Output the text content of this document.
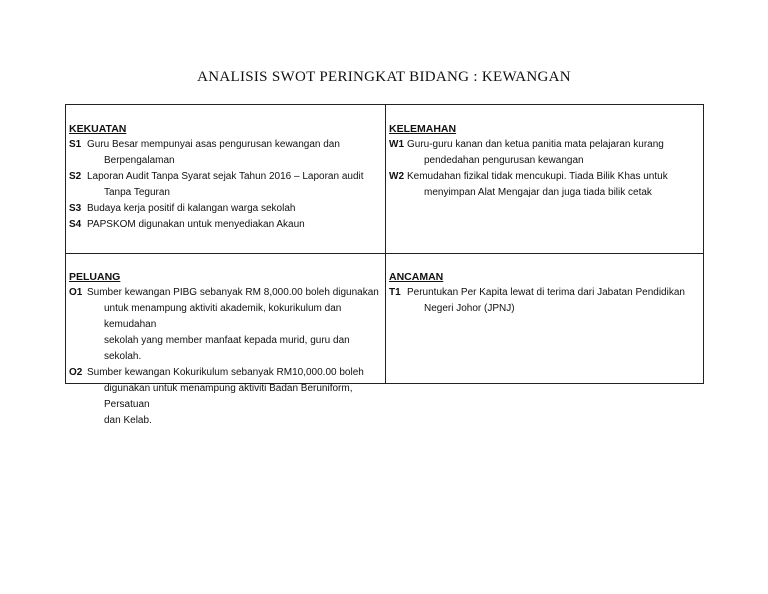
ANALISIS SWOT PERINGKAT BIDANG : KEWANGAN
KEKUATAN
S1 Guru Besar mempunyai asas pengurusan kewangan dan
Berpengalaman
S2 Laporan Audit Tanpa Syarat sejak Tahun 2016 – Laporan audit
Tanpa Teguran
S3 Budaya kerja positif di kalangan warga sekolah
S4 PAPSKOM digunakan untuk menyediakan Akaun
KELEMAHAN
W1 Guru-guru kanan dan ketua panitia mata pelajaran kurang
pendedahan pengurusan kewangan
W2 Kemudahan fizikal tidak mencukupi. Tiada Bilik Khas untuk
menyimpan Alat Mengajar dan juga tiada bilik cetak
PELUANG
O1 Sumber kewangan PIBG sebanyak RM 8,000.00 boleh digunakan
untuk menampung aktiviti akademik, kokurikulum dan kemudahan
sekolah yang member manfaat kepada murid, guru dan sekolah.
O2 Sumber kewangan Kokurikulum sebanyak RM10,000.00 boleh
digunakan untuk menampung aktiviti Badan Beruniform, Persatuan
dan Kelab.
ANCAMAN
T1 Peruntukan Per Kapita lewat di terima dari Jabatan Pendidikan
Negeri Johor (JPNJ)
